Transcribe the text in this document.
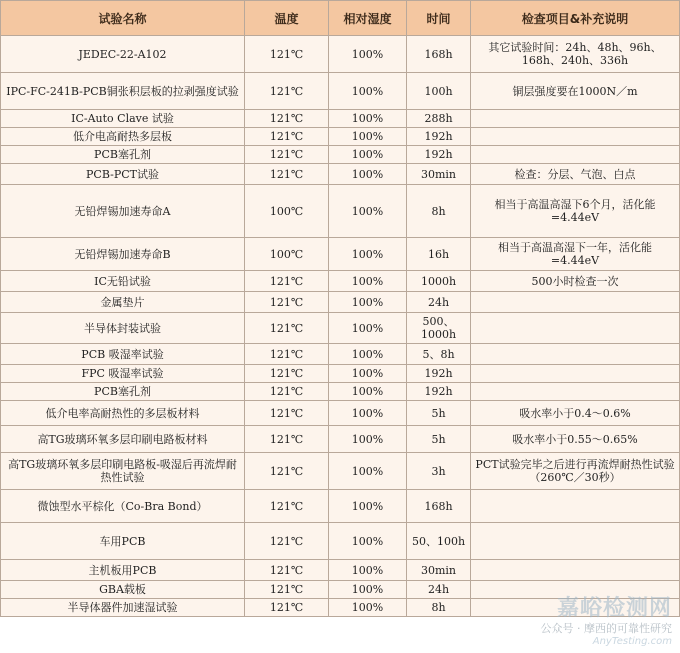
试验名称	温度	相对湿度	时间	检查项目&补充说明
JEDEC-22-A102	121℃	100%	168h	其它试验时间：24h、48h、96h、168h、240h、336h
IPC-FC-241B-PCB铜张积层板的拉剥强度试验	121℃	100%	100h	铜层强度要在1000N／m
IC-Auto Clave 试验	121℃	100%	288h	
低介电高耐热多层板	121℃	100%	192h	
PCB塞孔剂	121℃	100%	192h	
PCB-PCT试验	121℃	100%	30min	检查：分层、气泡、白点
无铅焊锡加速寿命A	100℃	100%	8h	相当于高温高湿下6个月，活化能=4.44eV
无铅焊锡加速寿命B	100℃	100%	16h	相当于高温高湿下一年，活化能=4.44eV
IC无铅试验	121℃	100%	1000h	500小时检查一次
金属垫片	121℃	100%	24h	
半导体封装试验	121℃	100%	500、1000h	
PCB 吸湿率试验	121℃	100%	5、8h	
FPC 吸湿率试验	121℃	100%	192h	
PCB塞孔剂	121℃	100%	192h	
低介电率高耐热性的多层板材料	121℃	100%	5h	吸水率小于0.4～0.6%
高TG玻璃环氧多层印刷电路板材料	121℃	100%	5h	吸水率小于0.55～0.65%
高TG玻璃环氧多层印刷电路板-吸湿后再流焊耐热性试验	121℃	100%	3h	PCT试验完毕之后进行再流焊耐热性试验（260℃／30秒）
微蚀型水平棕化（Co-Bra Bond）	121℃	100%	168h	
车用PCB	121℃	100%	50、100h	
主机板用PCB	121℃	100%	30min	
GBA载板	121℃	100%	24h	
半导体器件加速湿试验	121℃	100%	8h		嘉峪检测网
公众号 · 摩西的可靠性研究
AnyTesting.com
